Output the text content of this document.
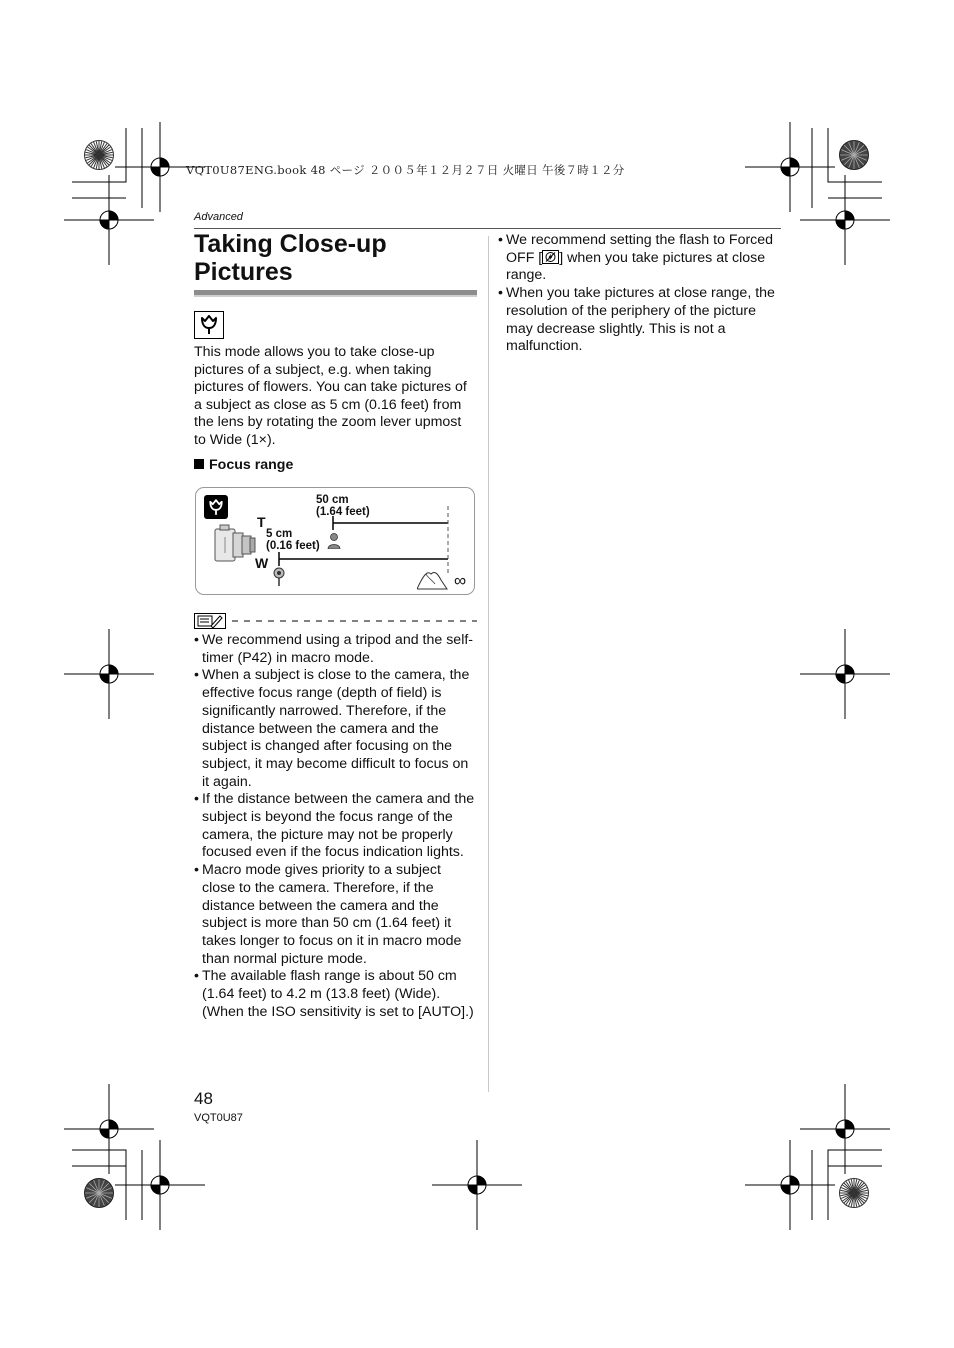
VQT0U87ENG.book 48 ページ ２００５年１２月２７日 火曜日 午後７時１２分
Advanced
Taking Close-up Pictures

This mode allows you to take close-up pictures of a subject, e.g. when taking pictures of flowers. You can take pictures of a subject as close as 5 cm (0.16 feet) from the lens by rotating the zoom lever upmost to Wide (1×).

Focus range
T
W
50 cm
(1.64 feet)
5 cm
(0.16 feet)
∞
• We recommend using a tripod and the self-timer (P42) in macro mode.
• When a subject is close to the camera, the effective focus range (depth of field) is significantly narrowed. Therefore, if the distance between the camera and the subject is changed after focusing on the subject, it may become difficult to focus on it again.
• If the distance between the camera and the subject is beyond the focus range of the camera, the picture may not be properly focused even if the focus indication lights.
• Macro mode gives priority to a subject close to the camera. Therefore, if the distance between the camera and the subject is more than 50 cm (1.64 feet) it takes longer to focus on it in macro mode than normal picture mode.
• The available flash range is about 50 cm (1.64 feet) to 4.2 m (13.8 feet) (Wide). (When the ISO sensitivity is set to [AUTO].)
• We recommend setting the flash to Forced OFF [ ] when you take pictures at close range.
• When you take pictures at close range, the resolution of the periphery of the picture may decrease slightly. This is not a malfunction.
48
VQT0U87
